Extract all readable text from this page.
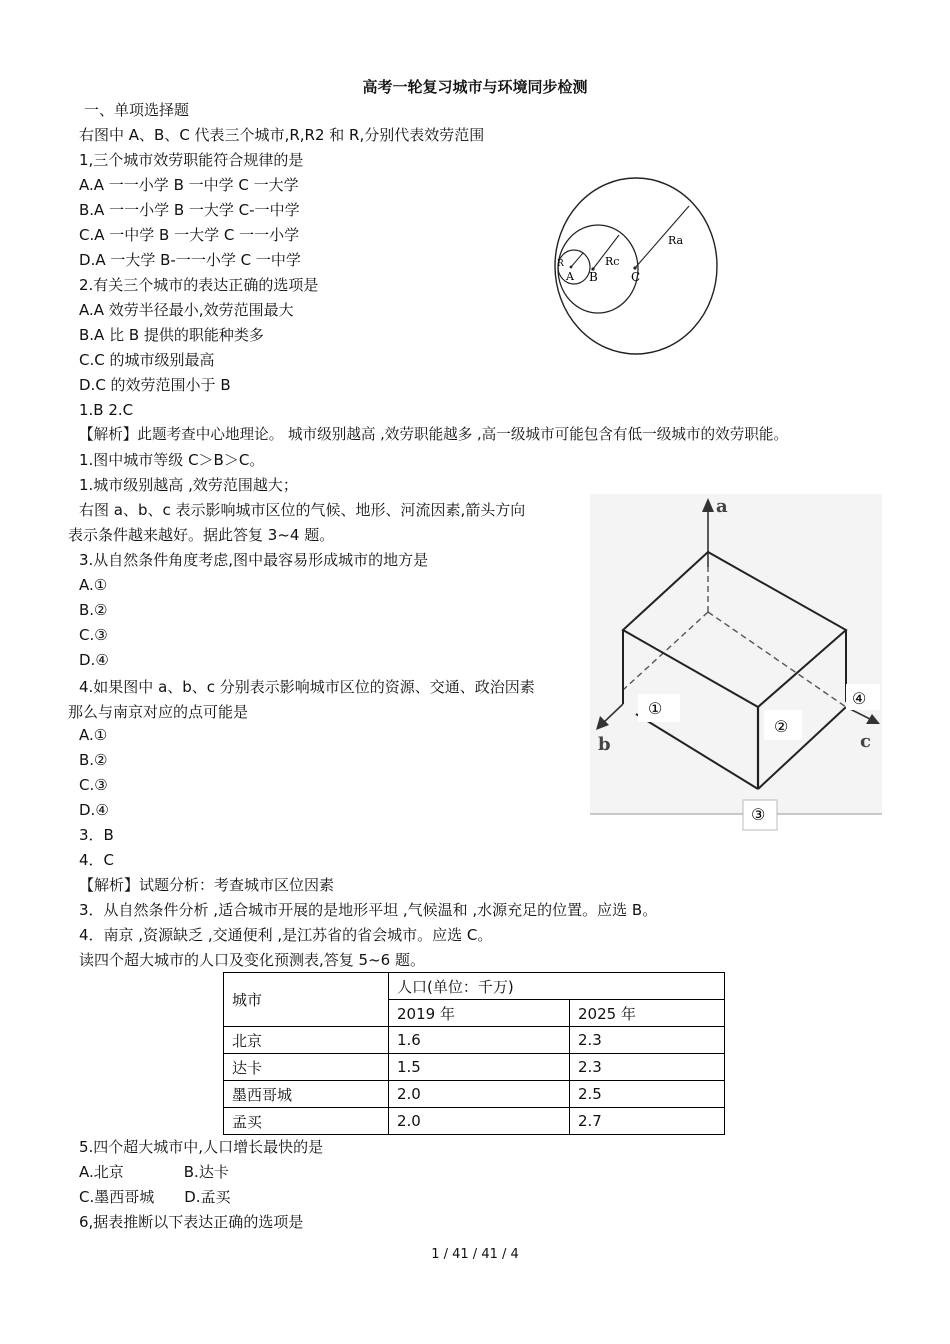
高考一轮复习城市与环境同步检测
一、单项选择题
右图中 A、B、C 代表三个城市,R,R2 和 R,分别代表效劳范围
1,三个城市效劳职能符合规律的是
A.A 一一小学 B 一中学 C 一大学
B.A 一一小学 B 一大学 C-一中学
C.A 一中学 B 一大学 C 一一小学
D.A 一大学 B-一一小学 C 一中学
2.有关三个城市的表达正确的选项是
A.A 效劳半径最小,效劳范围最大
B.A 比 B 提供的职能种类多
C.C 的城市级别最高
D.C 的效劳范围小于 B
1.B 2.C
【解析】此题考查中心地理论。 城市级别越高 ,效劳职能越多 ,高一级城市可能包含有低一级城市的效劳职能。
1.图中城市等级 C＞B＞C。
1.城市级别越高 ,效劳范围越大；
Ra
Rc
R
A B	C
右图 a、b、c 表示影响城市区位的气候、地形、河流因素,箭头方向
表示条件越来越好。据此答复 3~4 题。
3.从自然条件角度考虑,图中最容易形成城市的地方是
A.①
B.②
C.③
D.④
4.如果图中 a、b、c 分别表示影响城市区位的资源、交通、政治因素
那么与南京对应的点可能是
A.①
B.②
C.③
D.④
3．B
4．C
【解析】试题分析：考查城市区位因素
3．从自然条件分析 ,适合城市开展的是地形平坦 ,气候温和 ,水源充足的位置。应选 B。
4．南京 ,资源缺乏 ,交通便利 ,是江苏省的省会城市。应选 C。
a
b	c
①
②
③
④
读四个超大城市的人口及变化预测表,答复 5~6 题。
城市	人口(单位：千万)	
	2019 年	2025 年
北京	1.6	2.3
达卡	1.5	2.3
墨西哥城	2.0	2.5
孟买	2.0	2.7
5.四个超大城市中,人口增长最快的是
A.北京　　　　B.达卡
C.墨西哥城　　D.孟买
6,据表推断以下表达正确的选项是
1 / 41 / 41 / 4
